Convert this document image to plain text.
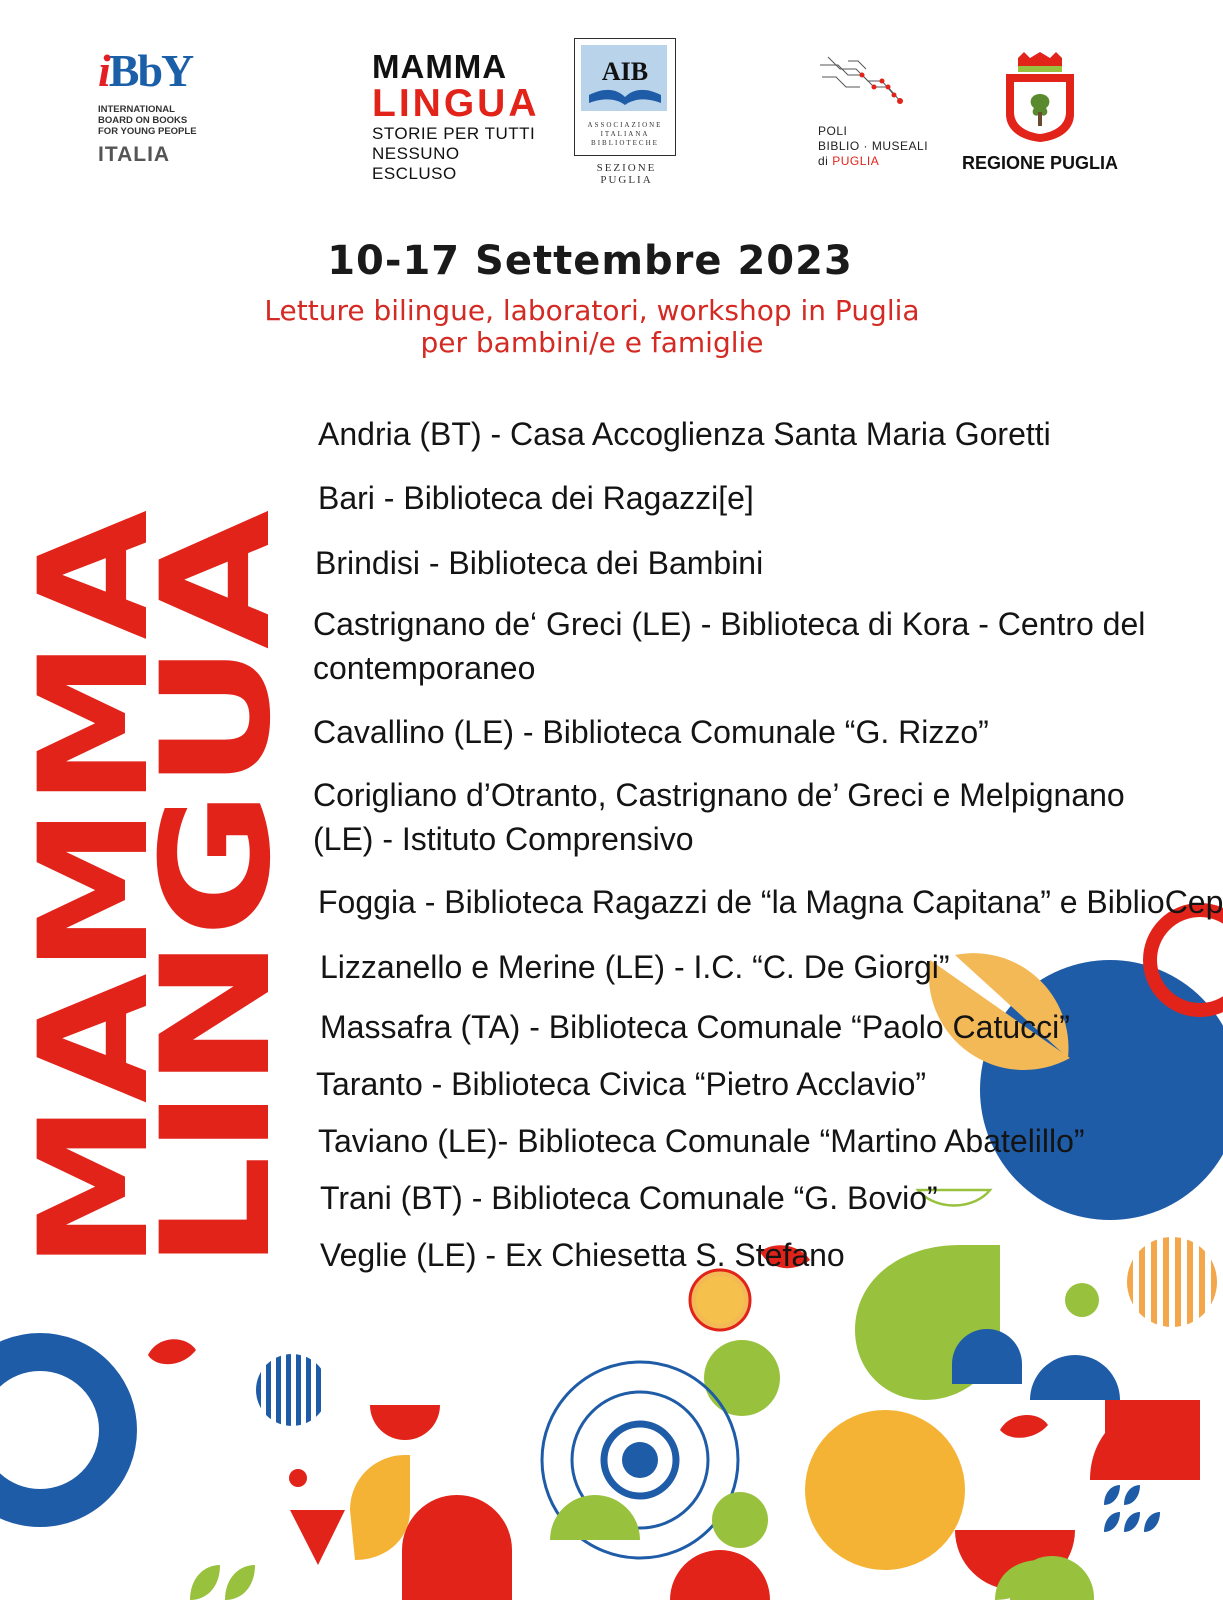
iBbY
INTERNATIONAL
BOARD ON BOOKS
FOR YOUNG PEOPLE
ITALIA
MAMMA
LINGUA
STORIE PER TUTTI
NESSUNO ESCLUSO
AIB
ASSOCIAZIONE
ITALIANA
BIBLIOTECHE
SEZIONE PUGLIA
POLI
BIBLIO · MUSEALI
di PUGLIA	REGIONE PUGLIA
10-17 Settembre 2023
Letture bilingue, laboratori, workshop in Puglia
per bambini/e e famiglie
MAMMA
LINGUA
Andria (BT) - Casa Accoglienza Santa Maria Goretti
Bari - Biblioteca dei Ragazzi[e]
Brindisi - Biblioteca dei Bambini
Castrignano de‘ Greci (LE) - Biblioteca di Kora - Centro del contemporaneo
Cavallino (LE) - Biblioteca Comunale “G. Rizzo”
Corigliano d’Otranto, Castrignano de’ Greci e Melpignano (LE) - Istituto Comprensivo
Foggia - Biblioteca Ragazzi de “la Magna Capitana” e BiblioCep
Lizzanello e Merine (LE) - I.C. “C. De Giorgi”
Massafra (TA) - Biblioteca Comunale “Paolo Catucci”
Taranto - Biblioteca Civica “Pietro Acclavio”
Taviano (LE)- Biblioteca Comunale “Martino Abatelillo”
Trani (BT) - Biblioteca Comunale “G. Bovio”
Veglie (LE) - Ex Chiesetta S. Stefano
